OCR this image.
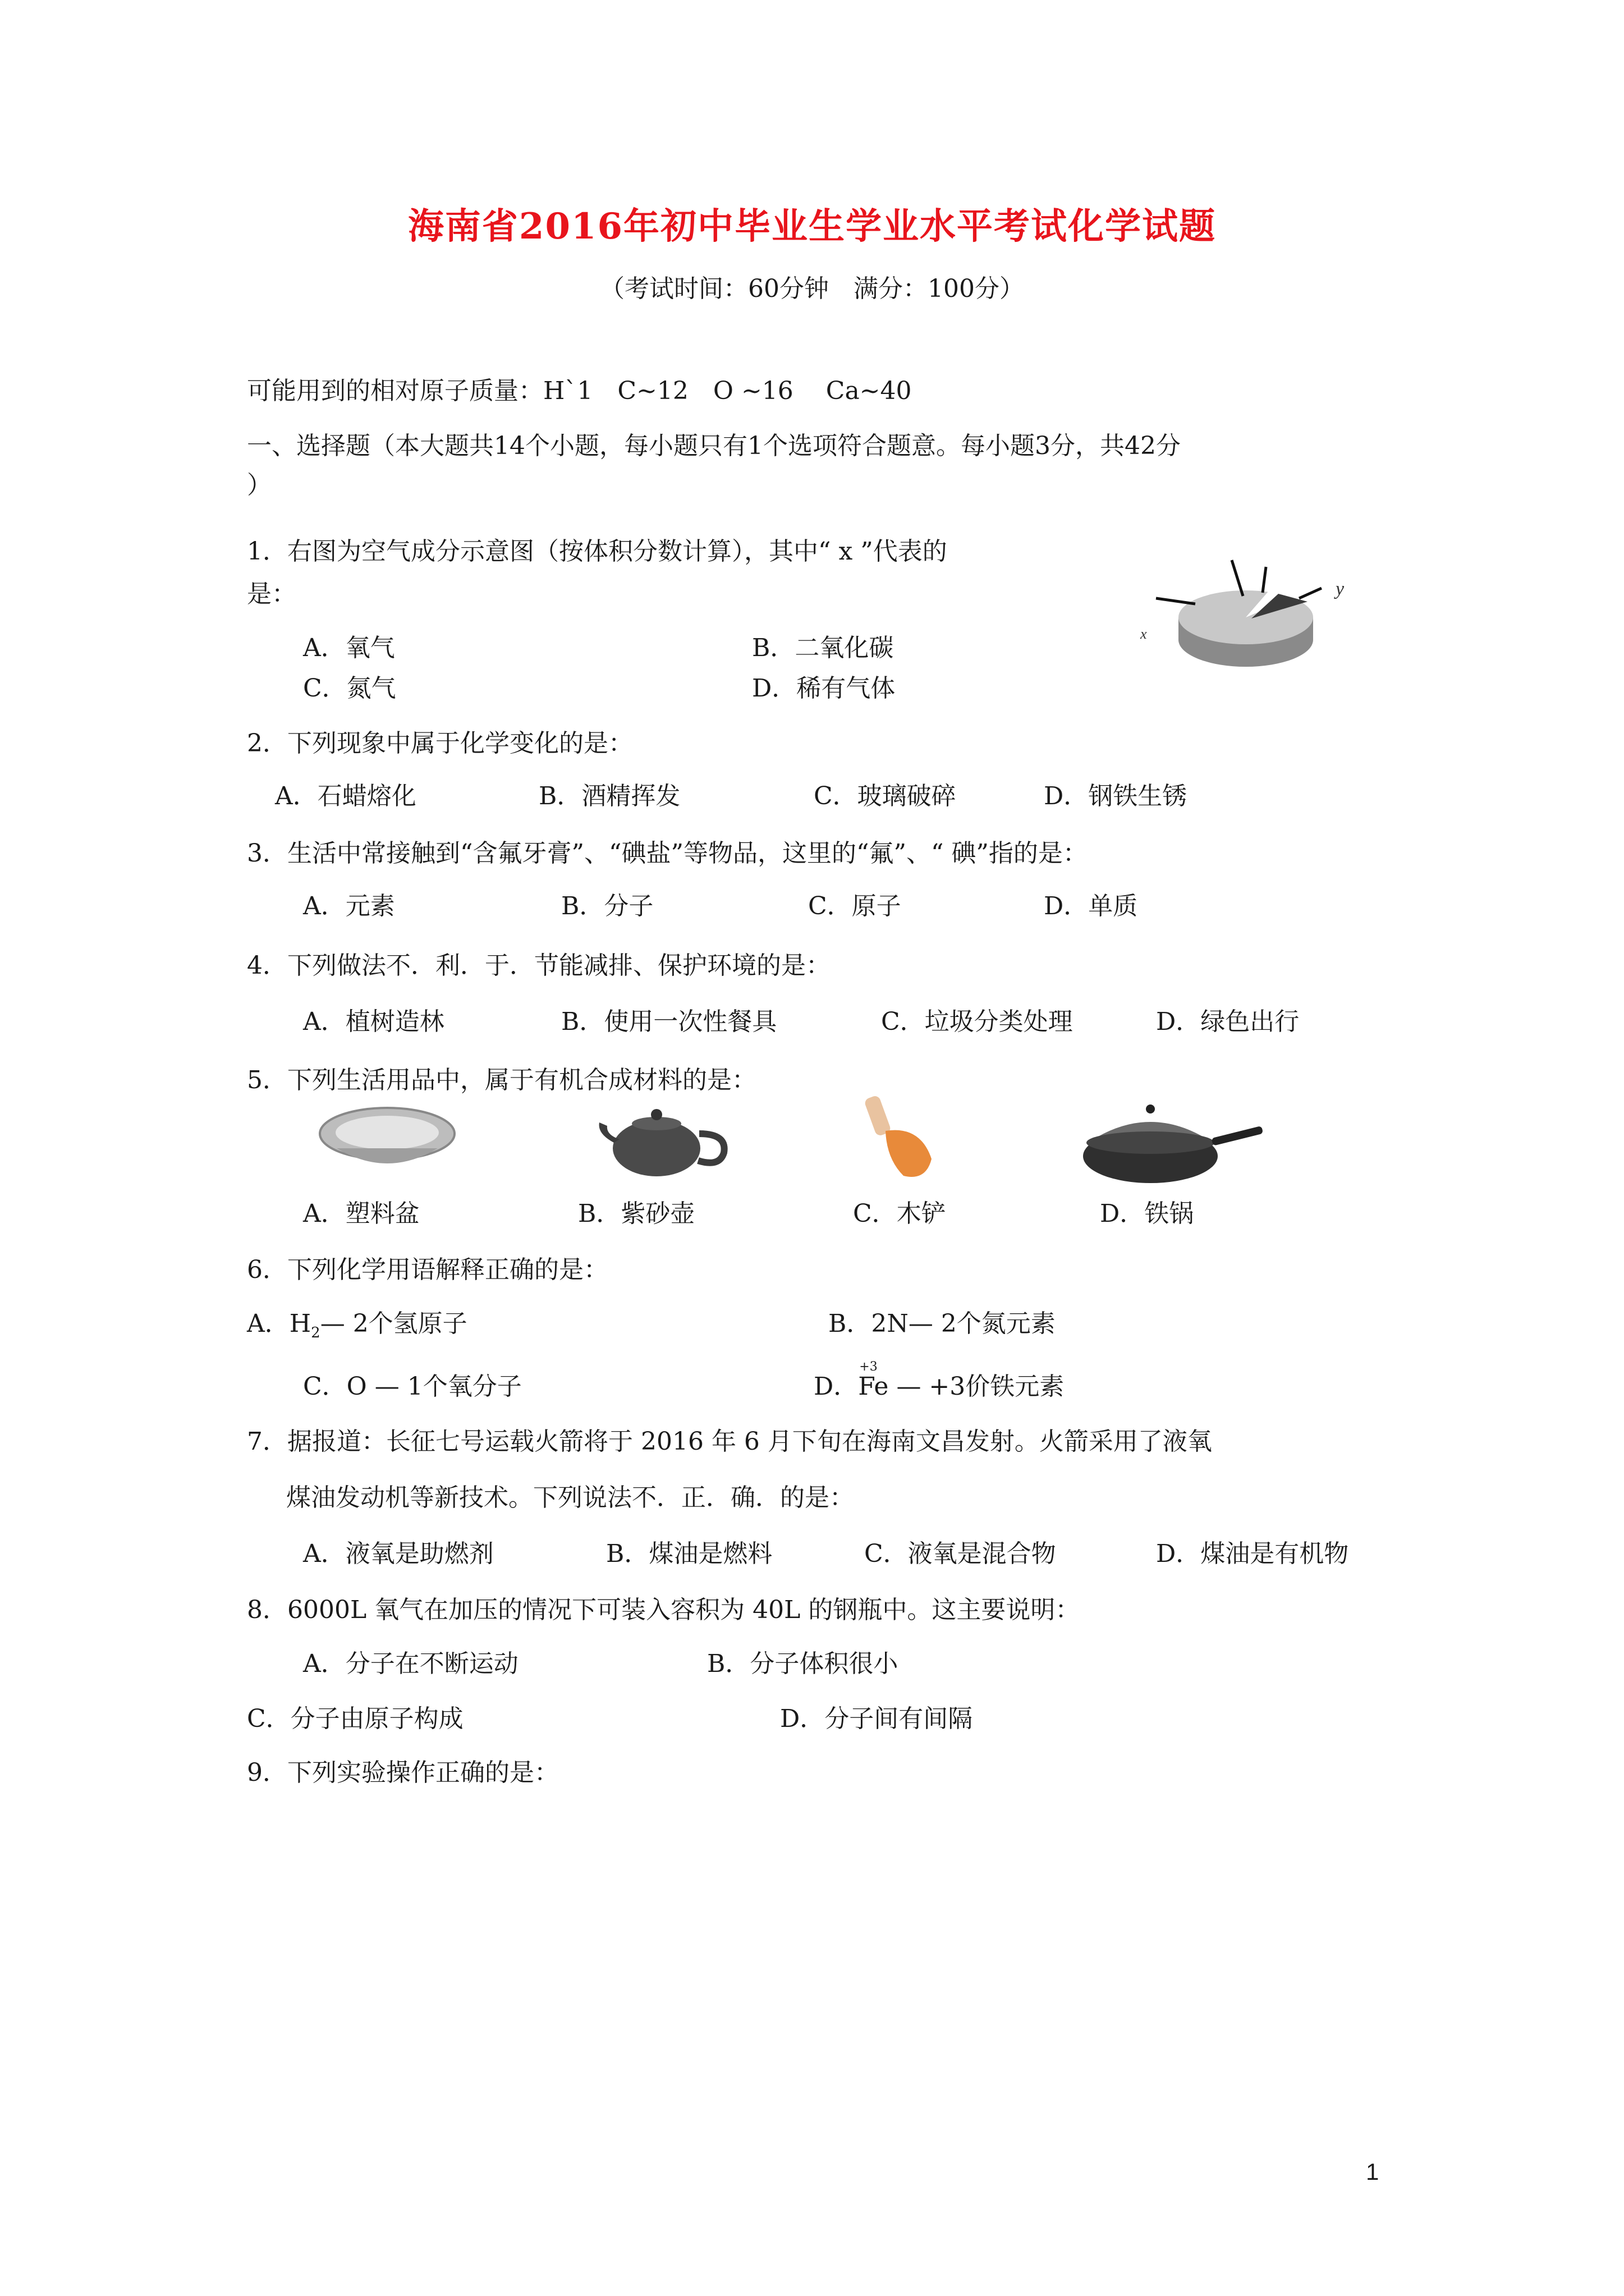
海南省2016年初中毕业生学业水平考试化学试题
（考试时间：60分钟　满分：100分）
可能用到的相对原子质量：H`1　C~12　O ~16　 Ca~40
一、选择题（本大题共14个小题，每小题只有1个选项符合题意。每小题3分，共42分
）
1．右图为空气成分示意图（按体积分数计算），其中“ x ”代表的
是：
A．氧气	B．二氧化碳
C．氮气	D．稀有气体
x
y
2．下列现象中属于化学变化的是：
A．石蜡熔化	B．酒精挥发	C．玻璃破碎	D．钢铁生锈
3．生活中常接触到“含氟牙膏”、“碘盐”等物品，这里的“氟”、“ 碘”指的是：
A．元素	B．分子	C．原子	D．单质
4．下列做法不．利．于．节能减排、保护环境的是：
A．植树造林	B．使用一次性餐具	C．垃圾分类处理	D．绿色出行
5．下列生活用品中，属于有机合成材料的是：
A．塑料盆	B．紫砂壶	C．木铲	D．铁锅
6．下列化学用语解释正确的是：
A．$H_2—$ 2个氢原子	B．2N— 2个氮元素
C．O — 1个氧分子	D．
+3
Fe — +3价铁元素
7．据报道：长征七号运载火箭将于 2016 年 6 月下旬在海南文昌发射。火箭采用了液氧
煤油发动机等新技术。下列说法不．正．确．的是：
A．液氧是助燃剂	B．煤油是燃料	C．液氧是混合物	D．煤油是有机物
8．6000L 氧气在加压的情况下可装入容积为 40L 的钢瓶中。这主要说明：
A．分子在不断运动	B．分子体积很小
C．分子由原子构成	D．分子间有间隔
9．下列实验操作正确的是：
1
